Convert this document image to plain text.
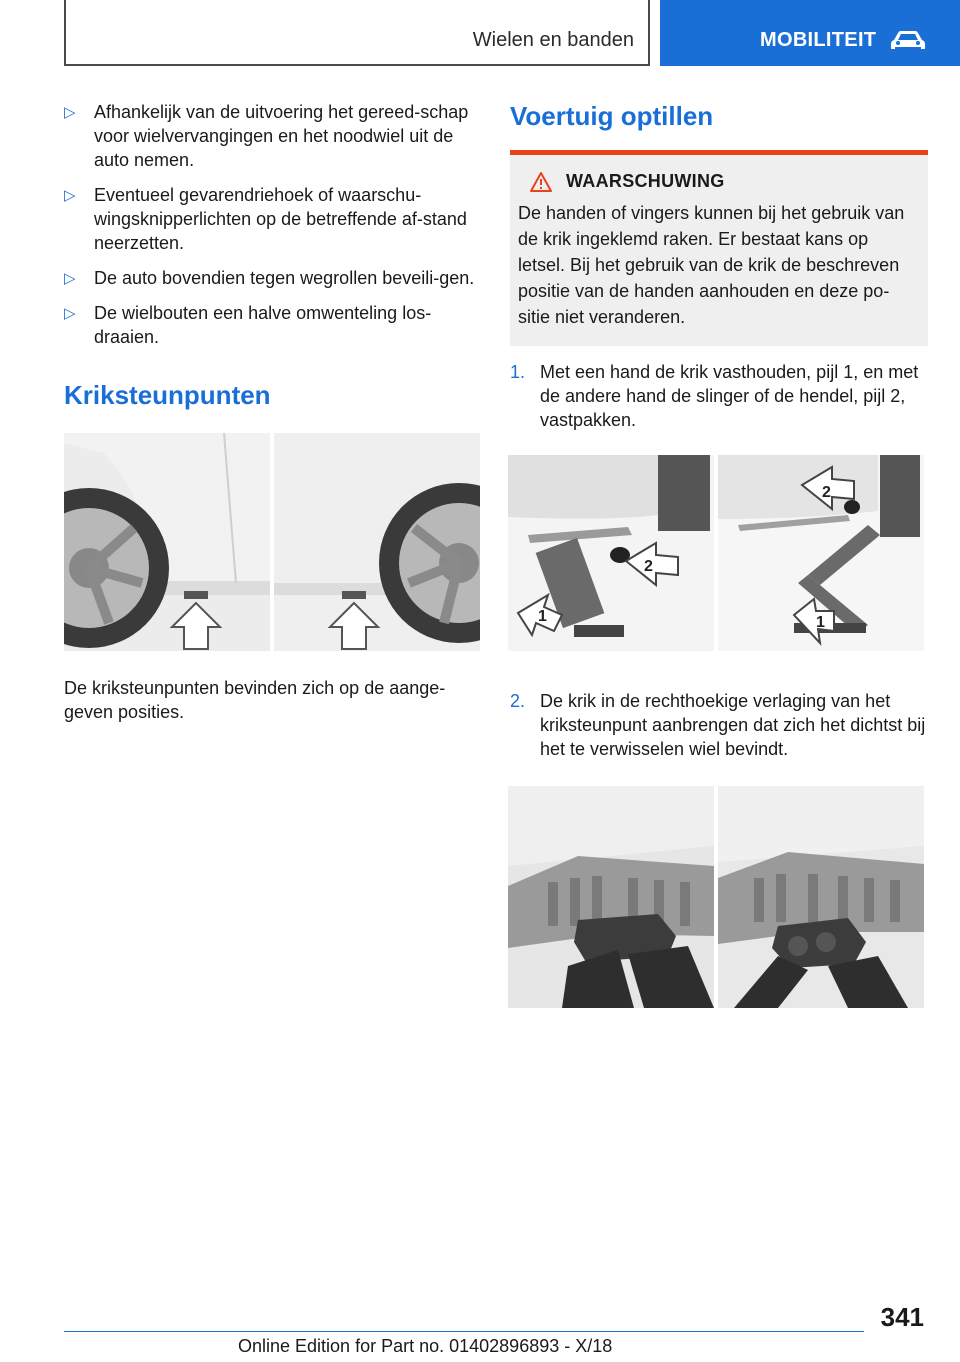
Wielen en banden	MOBILITEIT
▷ Afhankelijk van de uitvoering het gereed-schap voor wielvervangingen en het noodwiel uit de auto nemen.
▷ Eventueel gevarendriehoek of waarschu-wingsknipperlichten op de betreffende af-stand neerzetten.
▷ De auto bovendien tegen wegrollen beveili-gen.
▷ De wielbouten een halve omwenteling los-draaien.
Kriksteunpunten

De kriksteunpunten bevinden zich op de aange-geven posities.

Voertuig optillen
WAARSCHUWING

De handen of vingers kunnen bij het gebruik van de krik ingeklemd raken. Er bestaat kans op letsel. Bij het gebruik van de krik de beschreven positie van de handen aanhouden en deze po-sitie niet veranderen.

1. Met een hand de krik vasthouden, pijl 1, en met de andere hand de slinger of de hendel, pijl 2, vastpakken.
1
2
2
1
2. De krik in de rechthoekige verlaging van het kriksteunpunt aanbrengen dat zich het dichtst bij het te verwisselen wiel bevindt.
341
Online Edition for Part no. 01402896893 - X/18
